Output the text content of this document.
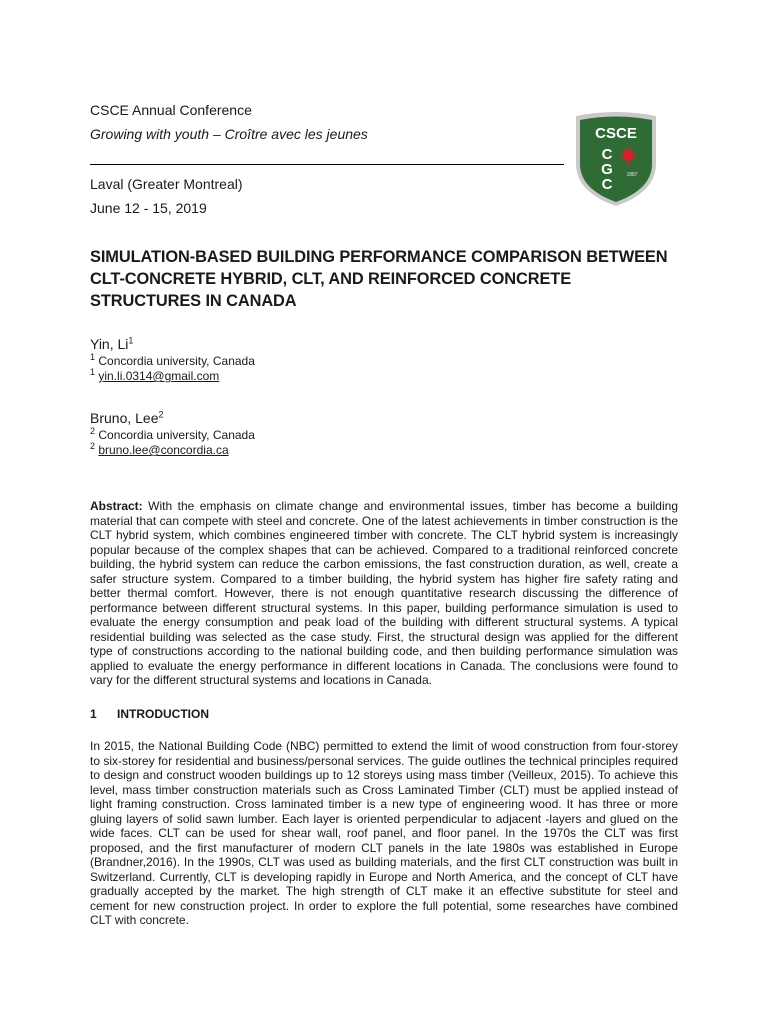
CSCE Annual Conference
Growing with youth – Croître avec les jeunes
Laval (Greater Montreal)
June 12 - 15, 2019
CSCE
C
G
C
1887
SIMULATION-BASED BUILDING PERFORMANCE COMPARISON BETWEEN CLT-CONCRETE HYBRID, CLT, AND REINFORCED CONCRETE STRUCTURES IN CANADA
Yin, Li$^1$
$^1$ Concordia university, Canada
$^1$ yin.li.0314@gmail.com
Bruno, Lee$^2$
$^2$ Concordia university, Canada
$^2$ bruno.lee@concordia.ca
Abstract: With the emphasis on climate change and environmental issues, timber has become a building material that can compete with steel and concrete. One of the latest achievements in timber construction is the CLT hybrid system, which combines engineered timber with concrete. The CLT hybrid system is increasingly popular because of the complex shapes that can be achieved. Compared to a traditional reinforced concrete building, the hybrid system can reduce the carbon emissions, the fast construction duration, as well, create a safer structure system. Compared to a timber building, the hybrid system has higher fire safety rating and better thermal comfort. However, there is not enough quantitative research discussing the difference of performance between different structural systems. In this paper, building performance simulation is used to evaluate the energy consumption and peak load of the building with different structural systems. A typical residential building was selected as the case study. First, the structural design was applied for the different type of constructions according to the national building code, and then building performance simulation was applied to evaluate the energy performance in different locations in Canada. The conclusions were found to vary for the different structural systems and locations in Canada.
1 INTRODUCTION
In 2015, the National Building Code (NBC) permitted to extend the limit of wood construction from four-storey to six-storey for residential and business/personal services. The guide outlines the technical principles required to design and construct wooden buildings up to 12 storeys using mass timber (Veilleux, 2015). To achieve this level, mass timber construction materials such as Cross Laminated Timber (CLT) must be applied instead of light framing construction. Cross laminated timber is a new type of engineering wood. It has three or more gluing layers of solid sawn lumber. Each layer is oriented perpendicular to adjacent -layers and glued on the wide faces. CLT can be used for shear wall, roof panel, and floor panel. In the 1970s the CLT was first proposed, and the first manufacturer of modern CLT panels in the late 1980s was established in Europe (Brandner,2016). In the 1990s, CLT was used as building materials, and the first CLT construction was built in Switzerland. Currently, CLT is developing rapidly in Europe and North America, and the concept of CLT have gradually accepted by the market. The high strength of CLT make it an effective substitute for steel and cement for new construction project. In order to explore the full potential, some researches have combined CLT with concrete.
